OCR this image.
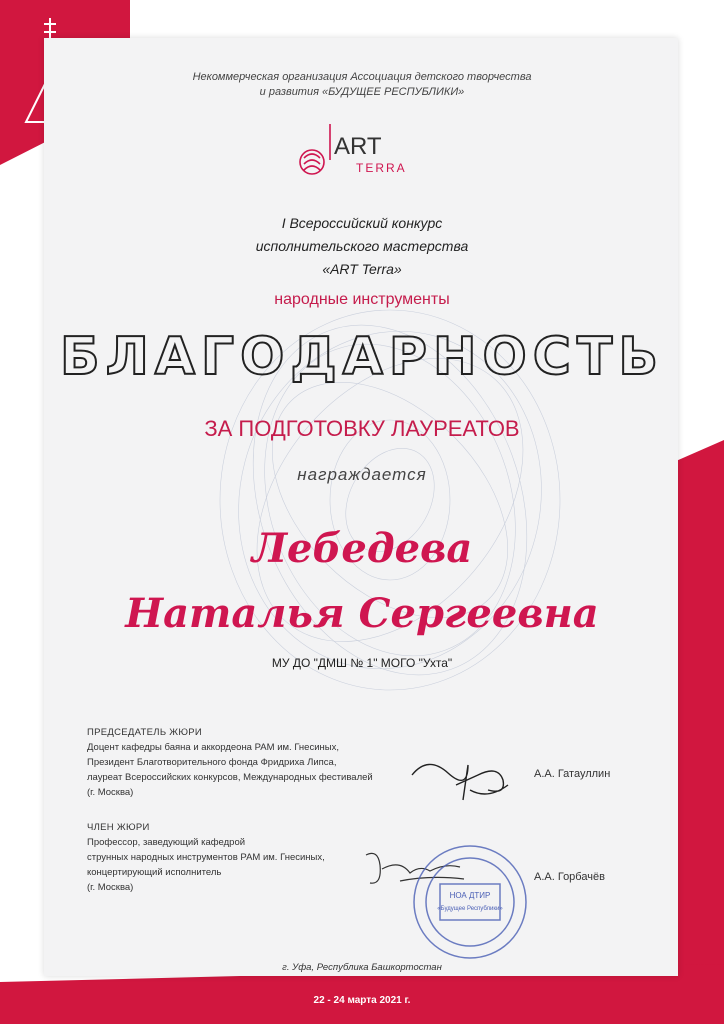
Некоммерческая организация Ассоциация детского творчества
и развития «БУДУЩЕЕ РЕСПУБЛИКИ»
ART
TERRA
I Всероссийский конкурс
исполнительского мастерства
«ART Terra»
народные инструменты
БЛАГОДАРНОСТЬ
ЗА ПОДГОТОВКУ ЛАУРЕАТОВ
награждается
Лебедева
Наталья Сергеевна
МУ ДО "ДМШ № 1" МОГО "Ухта"
ПРЕДСЕДАТЕЛЬ ЖЮРИ
Доцент кафедры баяна и аккордеона РАМ им. Гнесиных,
Президент Благотворительного фонда Фридриха Липса,
лауреат Всероссийских конкурсов, Международных фестивалей
(г. Москва)
А.А. Гатауллин
ЧЛЕН ЖЮРИ
Профессор, заведующий кафедрой
струнных народных инструментов РАМ им. Гнесиных,
концертирующий исполнитель
(г. Москва)
А.А. Горбачёв
НОА ДТИР
«Будущее Республики»
г. Уфа, Республика Башкортостан
22 - 24 марта 2021 г.
